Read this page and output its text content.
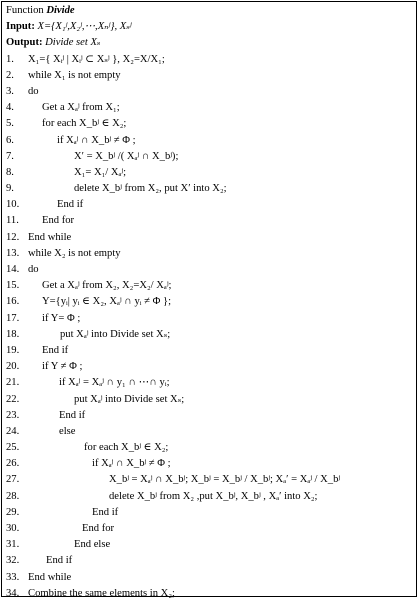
Function Divide
Input: X={X₁ʲ,X₂ʲ,⋯,Xₙʲ}, Xₛʲ
Output: Divide set Xₛ
1.	X₁={ Xᵢʲ | Xᵢʲ ⊂ Xₛʲ }, X₂=X/X₁;
2.	while X₁ is not empty
3.	do
4.	Get a Xₐʲ from X₁;
5.	for each X_bʲ ∈ X₂;
6.	if Xₐʲ ∩ X_bʲ ≠ Φ ;
7.	X′ = X_bʲ /( Xₐʲ ∩ X_bʲ);
8.	X₁= X₁/ Xₐʲ;
9.	delete X_bʲ from X₂, put X′ into X₂;
10.	End if
11.	End for
12. End while
13. while X₂ is not empty
14. do
15.	Get a Xₐʲ from X₂, X₂=X₂/ Xₐʲ;
16.	Y={yᵢ| yᵢ ∈ X₂, Xₐʲ ∩ yᵢ ≠ Φ };
17.	if Y= Φ ;
18.	put Xₐʲ into Divide set Xₛ;
19.	End if
20.	if Y ≠ Φ ;
21.	if Xₐʲ = Xₐʲ ∩ y₁ ∩ ⋯∩ yᵢ;
22.	put Xₐʲ into Divide set Xₛ;
23.	End if
24.	else
25.	for each X_bʲ ∈ X₂;
26.	if Xₐʲ ∩ X_bʲ ≠ Φ ;
27.	X_bʲ = Xₐʲ ∩ X_bʲ; X_bʲ = X_bʲ / X_bʲ; Xₐ′ = Xₐʲ / X_bʲ
28.	delete X_bʲ from X₂ ,put X_bʲ, X_bʲ , Xₐ′ into X₂;
29.	End if
30.	End for
31.	End else
32.	End if
33. End while
34. Combine the same elements in X₂;
